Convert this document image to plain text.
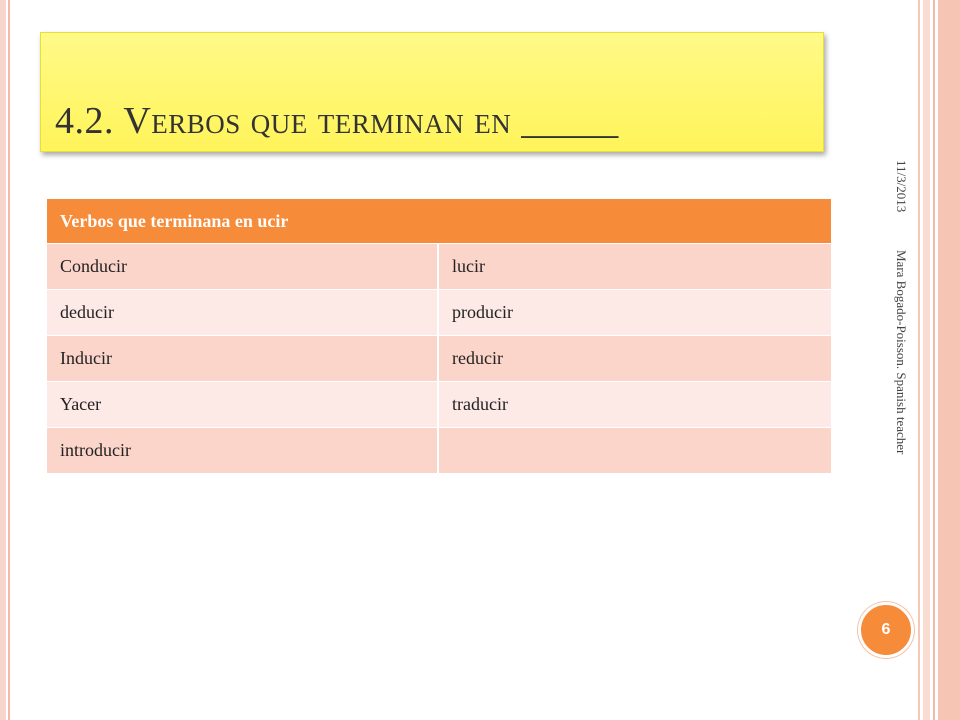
4.2. Verbos que terminan en _____
Verbos que terminana en ucir	
Conducir	lucir
deducir	producir
Inducir	reducir
Yacer	traducir
introducir	
11/3/2013
Mara Bogado-Poisson. Spanish teacher
6
